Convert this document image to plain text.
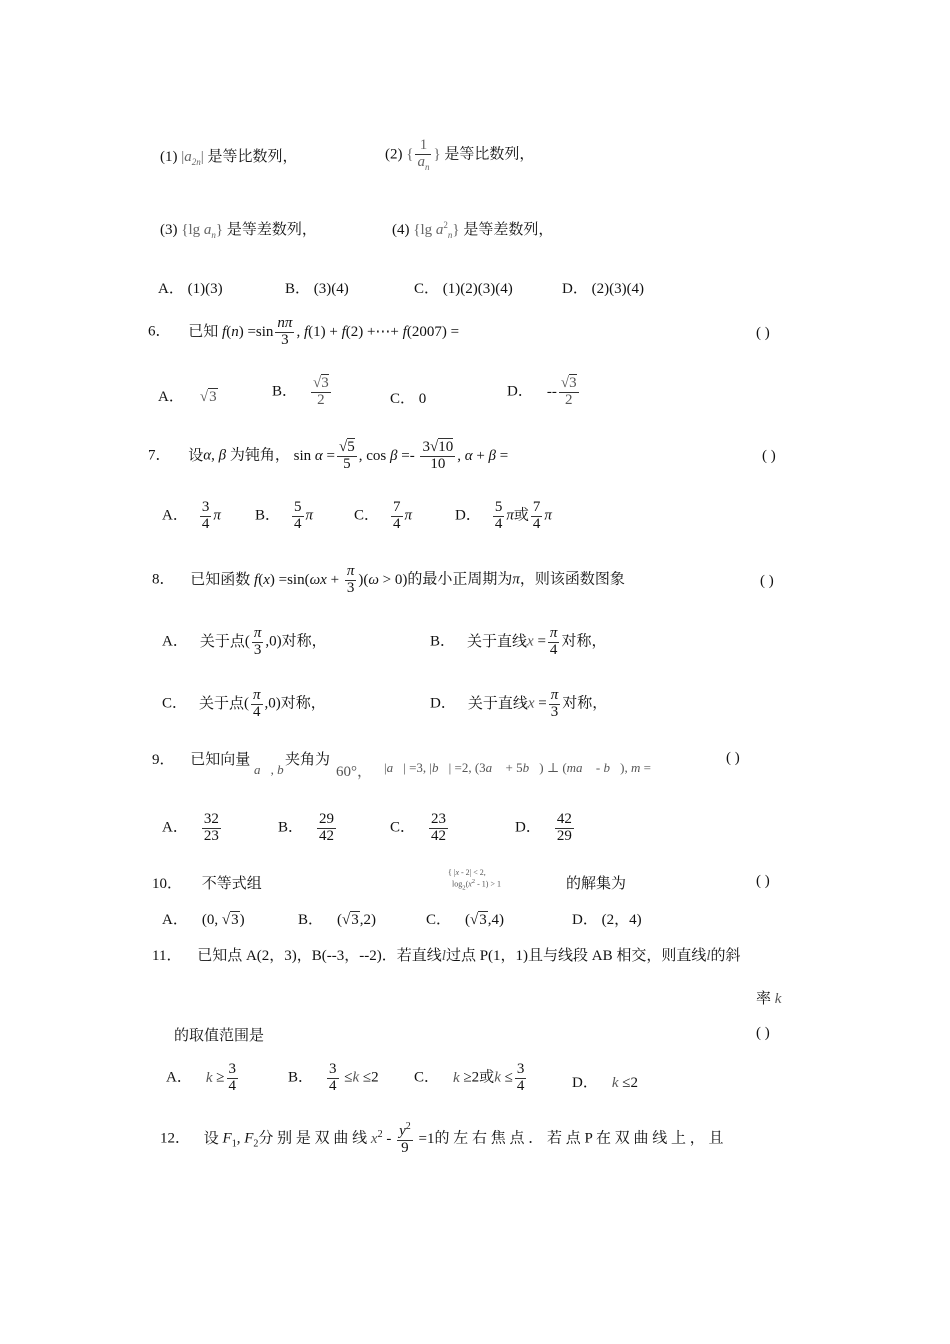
(1) $|a_{2n}|$ 是等比数列，	(2) { $\frac{1}{a_n}$ } 是等比数列，
(3) {lg $a_n$} 是等差数列，	(4) {lg $a^2_n$} 是等差数列，
A． (1)(3)	B． (3)(4)	C． (1)(2)(3)(4)	D． (2)(3)(4)
6． 已知 $f(n) =\sin \frac{n\pi}{3}$ , f(1) + f(2) +⋯+ f(2007) =	( )
A． √3	B． $\frac{√3}{2}$	C． 0	D． -- $\frac{√3}{2}$
7． 设α, β 为钝角， $\sin \alpha = \frac{√5}{5}$ , $\cos \beta =- \frac{3√10}{10}$ , α + β =	( )
A． $\frac{3}{4}$ π B． $\frac{5}{4}$ π	C． $\frac{7}{4}$ π	D． $\frac{5}{4}$ π或 $\frac{7}{4}$ π
8． 已知函数 $f(x) =\sin(\omega x + \frac{\pi}{3} )(\omega > 0)$的最小正周期为π，则该函数图象	( )
A． 关于点( $\frac{\pi}{3} ,0$)对称，	B． 关于直线$x = \frac{\pi}{4}$ 对称，
C． 关于点( $\frac{\pi}{4} ,0$)对称，	D． 关于直线$x = \frac{\pi}{3}$ 对称，
9． 已知向量
a⃗, b⃗
夹角为
60°， |a⃗| =3, |b⃗| =2, (3a⃗ + 5b⃗) ⊥ (ma⃗ - b⃗), m =
( )
A． $\frac{32}{23}$	B． $\frac{29}{42}$	C． $\frac{23}{42}$	D． $\frac{42}{29}$
10． 不等式组
{ |x - 2| < 2,
$\log_2(x^2 - 1) > 1$	的解集为	( )
A． (0, √3)	B． (√3,2)	C． (√3,4)	D． (2，4)
11． 已知点 A(2，3)，B(--3，--2)．若直线l过点 P(1，1)且与线段 AB 相交，则直线l的斜
率 k
的取值范围是	( )
A． $k \ge \frac{3}{4}$	B． $\frac{3}{4} \le k \le 2$ C． k ≥2或$k \le \frac{3}{4}$	D． k ≤2
12． 设 $F_1$, $F_2$分 别 是 双 曲 线 $x^2 - \frac{y^2}{9} =1$的 左 右 焦 点 ． 若 点 P 在 双 曲 线 上 ， 且
